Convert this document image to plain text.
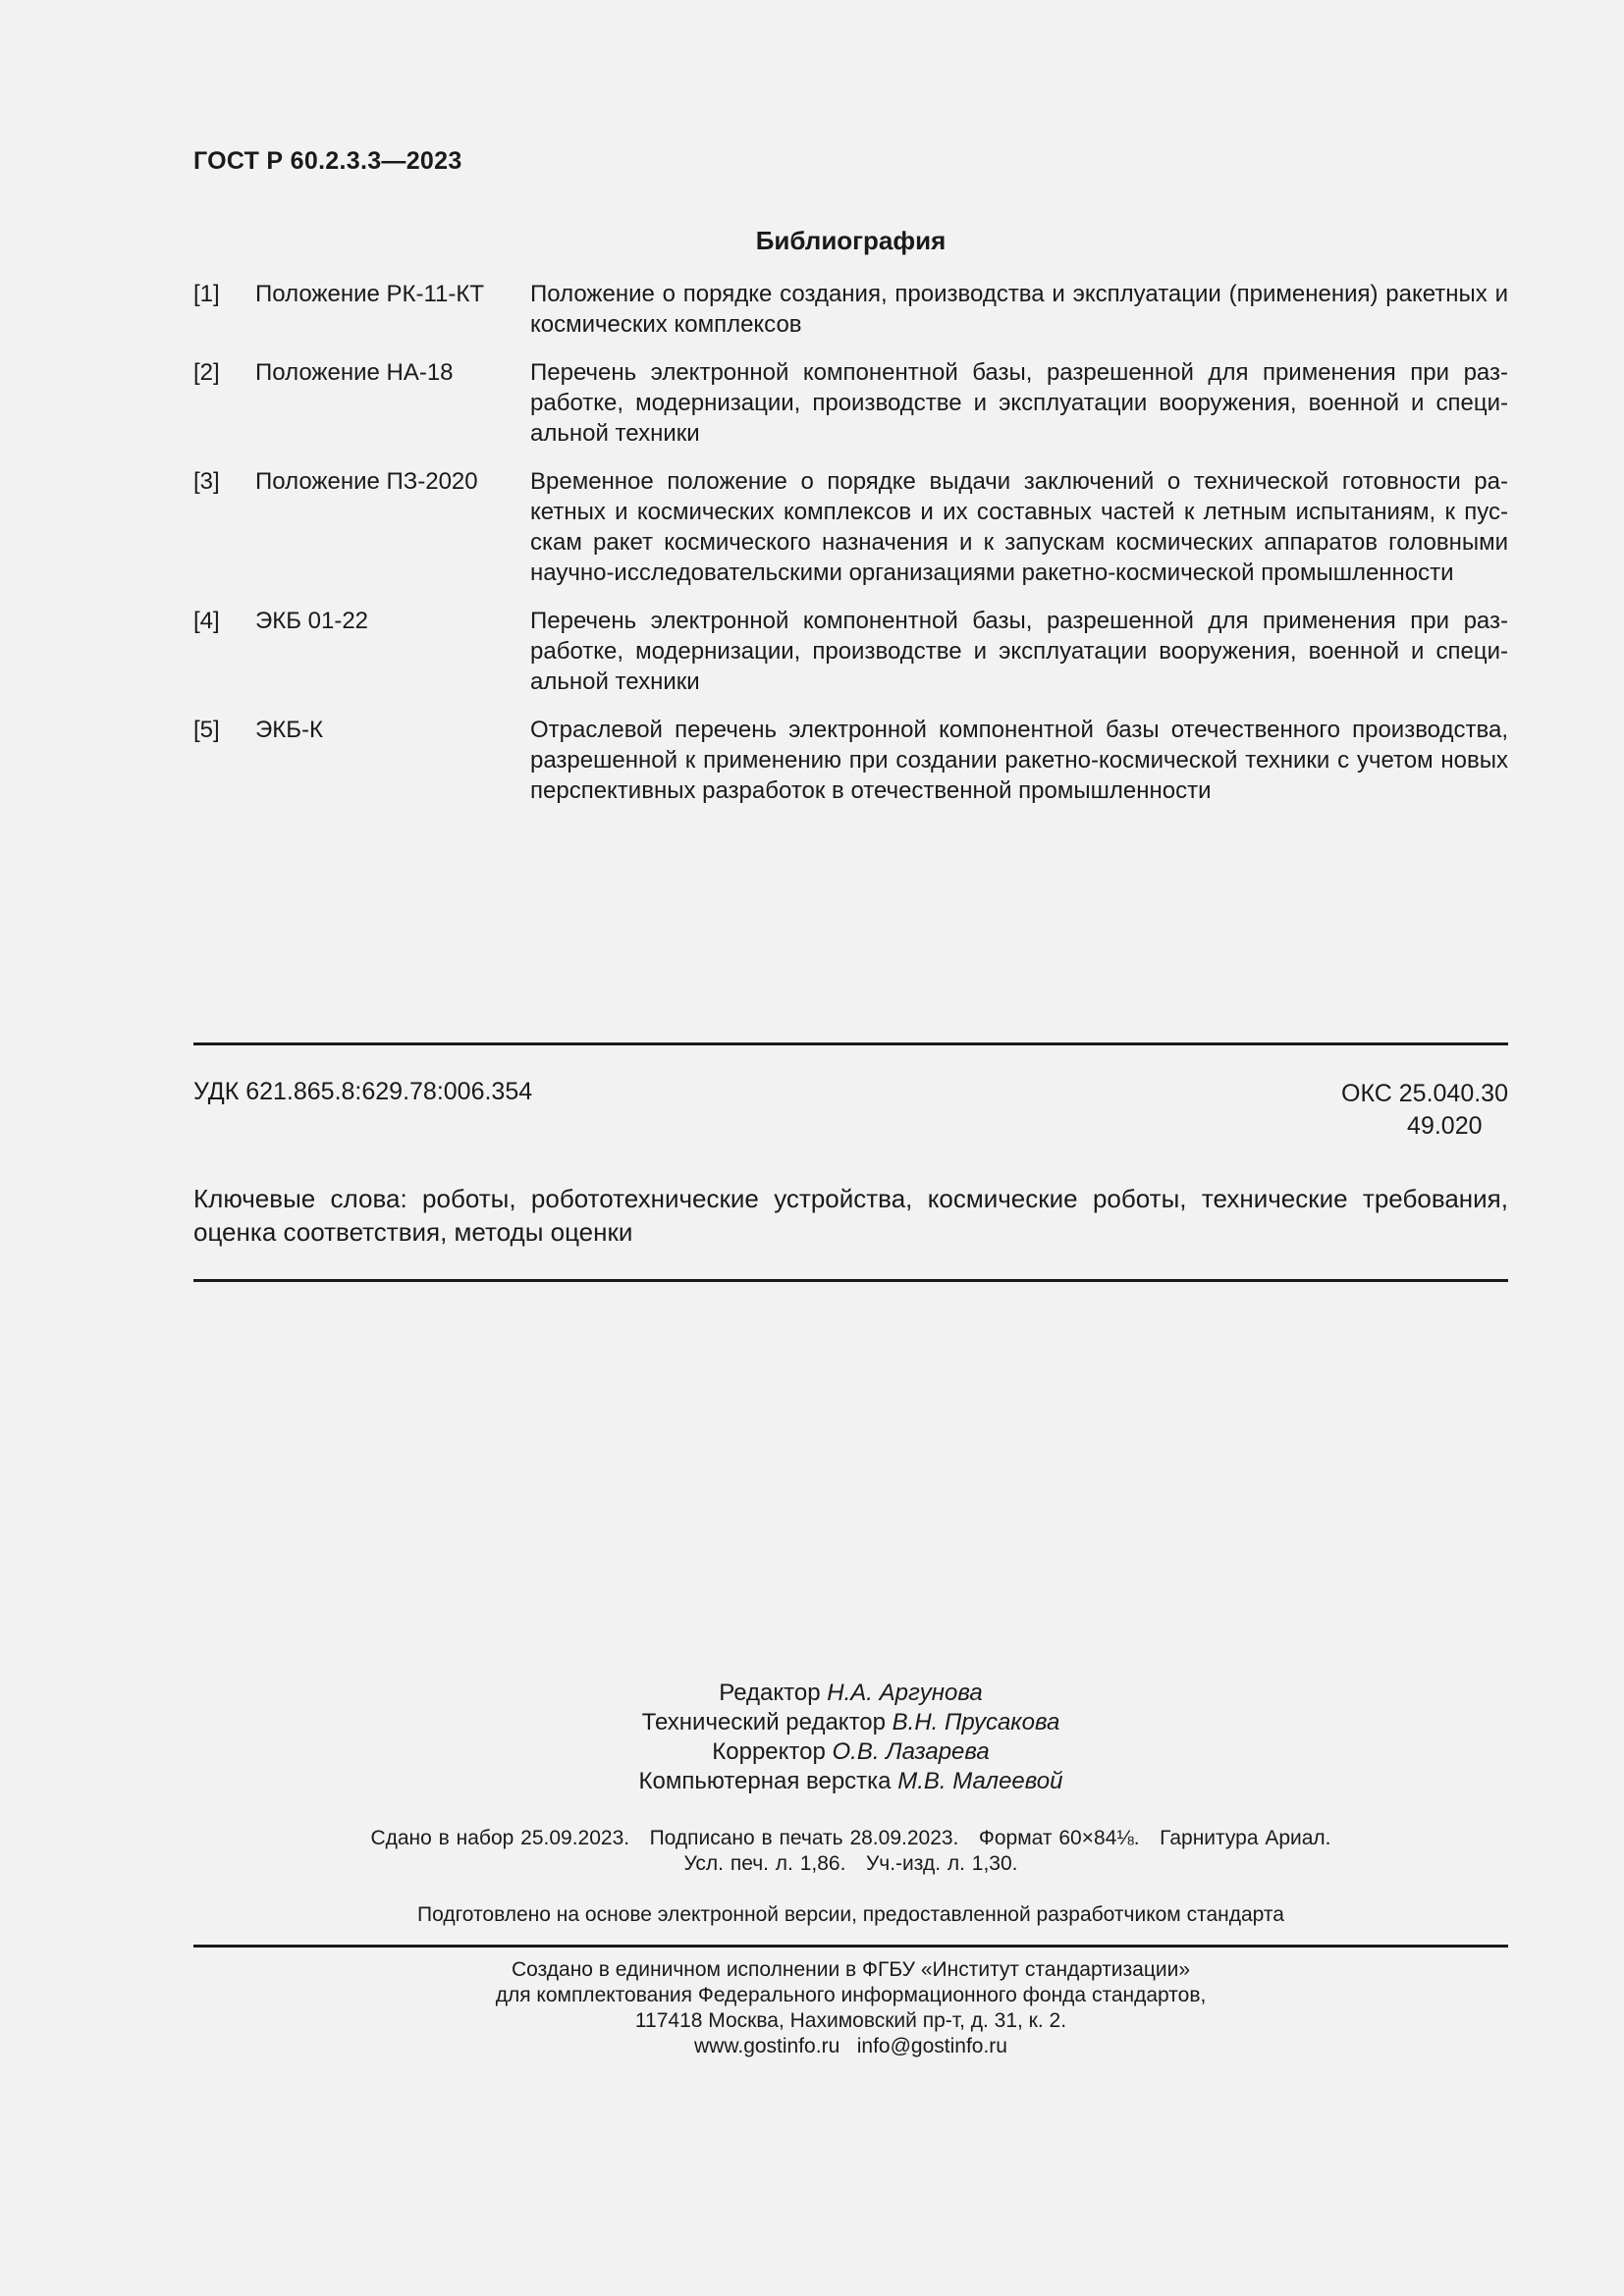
ГОСТ Р 60.2.3.3—2023
Библиография
[1]	Положение РК-11-КТ	Положение о порядке создания, производства и эксплуатации (применения) ракетных и космических комплексов
[2]	Положение НА-18	Перечень электронной компонентной базы, разрешенной для применения при разработке, модернизации, производстве и эксплуатации вооружения, военной и специальной техники
[3]	Положение ПЗ-2020	Временное положение о порядке выдачи заключений о технической готовности ракетных и космических комплексов и их составных частей к летным испытаниям, к пусскам ракет космического назначения и к запускам космических аппаратов головными научно-исследовательскими организациями ракетно-космической промышленности
[4]	ЭКБ 01-22	Перечень электронной компонентной базы, разрешенной для применения при разработке, модернизации, производстве и эксплуатации вооружения, военной и специальной техники
[5]	ЭКБ-К	Отраслевой перечень электронной компонентной базы отечественного производства, разрешенной к применению при создании ракетно-космической техники с учетом новых перспективных разработок в отечественной промышленности
УДК 621.865.8:629.78:006.354	ОКС 25.040.30
49.020
Ключевые слова: роботы, робототехнические устройства, космические роботы, технические требования, оценка соответствия, методы оценки
Редактор Н.А. Аргунова
Технический редактор В.Н. Прусакова
Корректор О.В. Лазарева
Компьютерная верстка М.В. Малеевой
Сдано в набор 25.09.2023.   Подписано в печать 28.09.2023.   Формат 60×84⅛.   Гарнитура Ариал.
Усл. печ. л. 1,86.   Уч.-изд. л. 1,30.
Подготовлено на основе электронной версии, предоставленной разработчиком стандарта
Создано в единичном исполнении в ФГБУ «Институт стандартизации»
для комплектования Федерального информационного фонда стандартов,
117418 Москва, Нахимовский пр-т, д. 31, к. 2.
www.gostinfo.ru   info@gostinfo.ru
